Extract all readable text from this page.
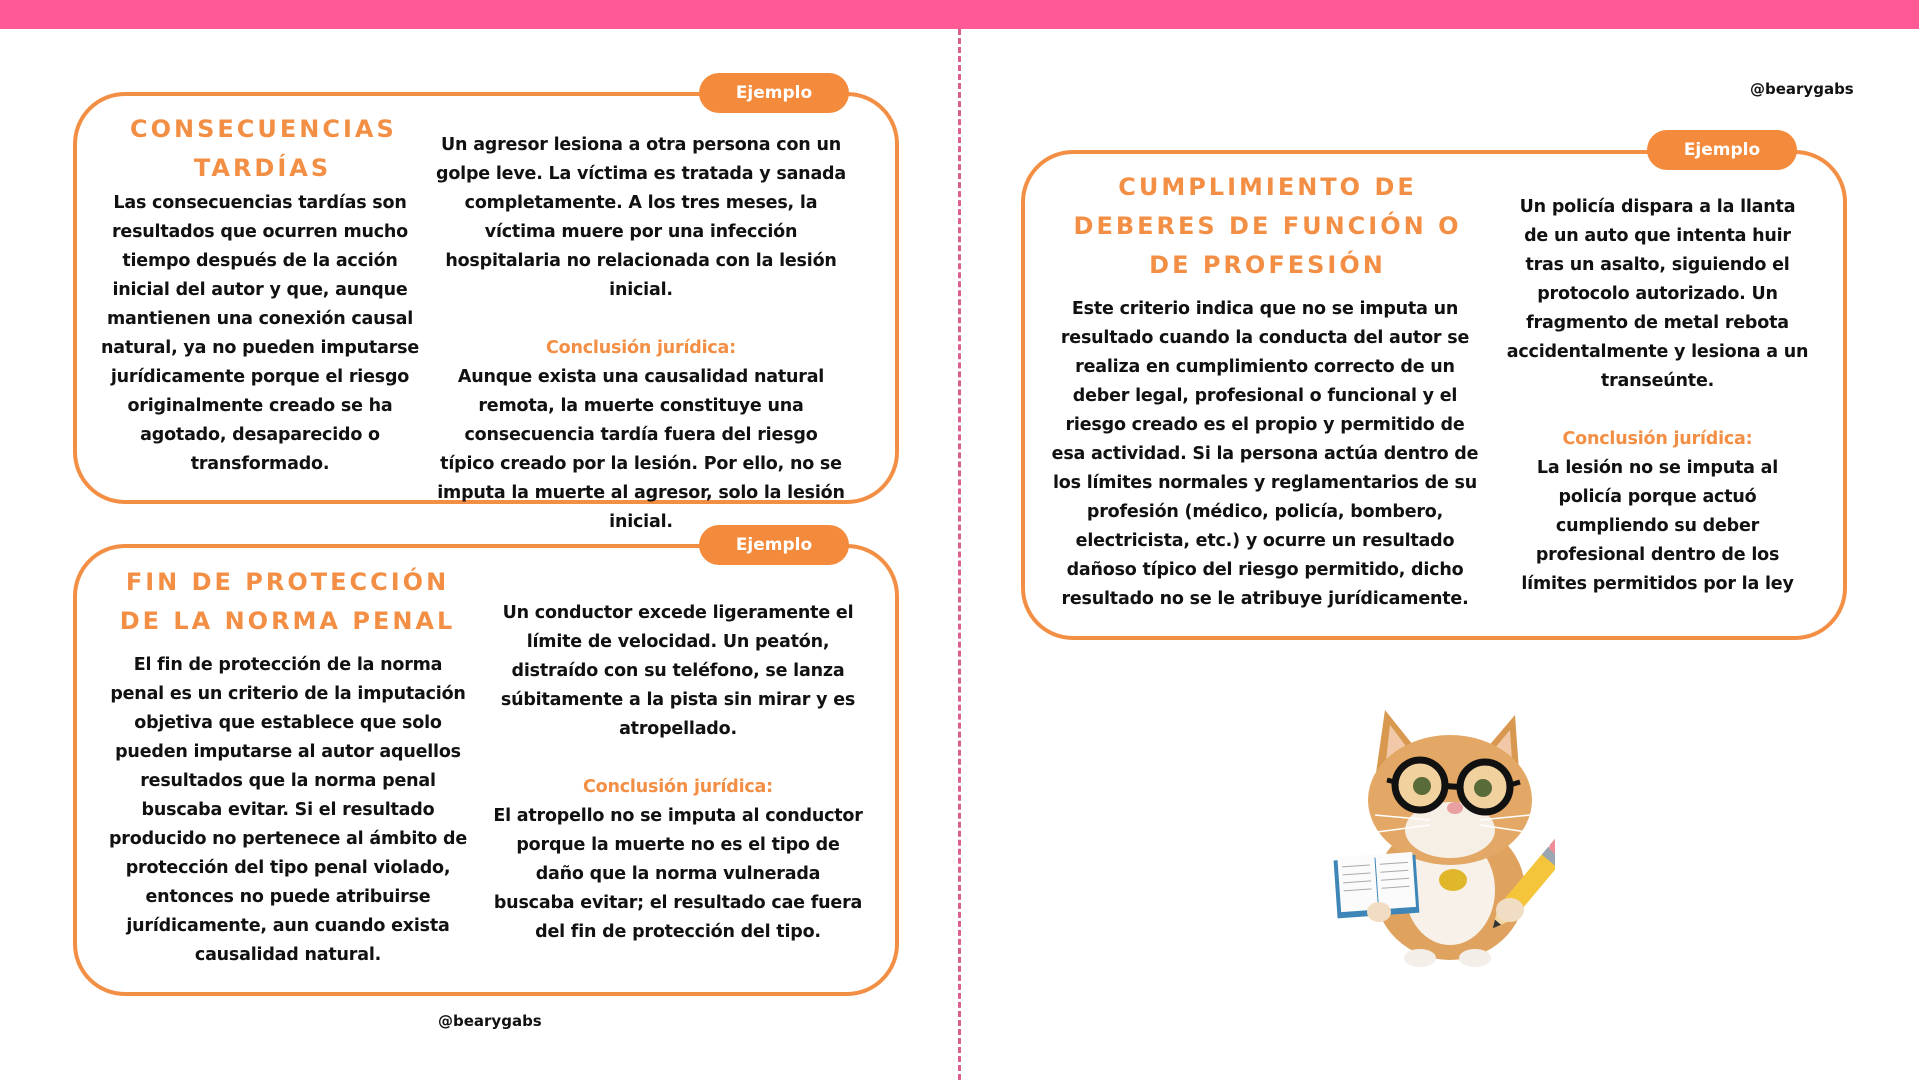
Ejemplo
CONSECUENCIAS TARDÍAS
Las consecuencias tardías son resultados que ocurren mucho tiempo después de la acción inicial del autor y que, aunque mantienen una conexión causal natural, ya no pueden imputarse jurídicamente porque el riesgo originalmente creado se ha agotado, desaparecido o transformado.
Un agresor lesiona a otra persona con un golpe leve. La víctima es tratada y sanada completamente. A los tres meses, la víctima muere por una infección hospitalaria no relacionada con la lesión inicial.
Conclusión jurídica:
Aunque exista una causalidad natural remota, la muerte constituye una consecuencia tardía fuera del riesgo típico creado por la lesión. Por ello, no se imputa la muerte al agresor, solo la lesión inicial.
Ejemplo
FIN DE PROTECCIÓN DE LA NORMA PENAL
El fin de protección de la norma penal es un criterio de la imputación objetiva que establece que solo pueden imputarse al autor aquellos resultados que la norma penal buscaba evitar. Si el resultado producido no pertenece al ámbito de protección del tipo penal violado, entonces no puede atribuirse jurídicamente, aun cuando exista causalidad natural.
Un conductor excede ligeramente el límite de velocidad. Un peatón, distraído con su teléfono, se lanza súbitamente a la pista sin mirar y es atropellado.
Conclusión jurídica:
El atropello no se imputa al conductor porque la muerte no es el tipo de daño que la norma vulnerada buscaba evitar; el resultado cae fuera del fin de protección del tipo.
@bearygabs
@bearygabs
Ejemplo
CUMPLIMIENTO DE DEBERES DE FUNCIÓN O DE PROFESIÓN
Este criterio indica que no se imputa un resultado cuando la conducta del autor se realiza en cumplimiento correcto de un deber legal, profesional o funcional y el riesgo creado es el propio y permitido de esa actividad. Si la persona actúa dentro de los límites normales y reglamentarios de su profesión (médico, policía, bombero, electricista, etc.) y ocurre un resultado dañoso típico del riesgo permitido, dicho resultado no se le atribuye jurídicamente.
Un policía dispara a la llanta de un auto que intenta huir tras un asalto, siguiendo el protocolo autorizado. Un fragmento de metal rebota accidentalmente y lesiona a un transeúnte.
Conclusión jurídica:
La lesión no se imputa al policía porque actuó cumpliendo su deber profesional dentro de los límites permitidos por la ley
